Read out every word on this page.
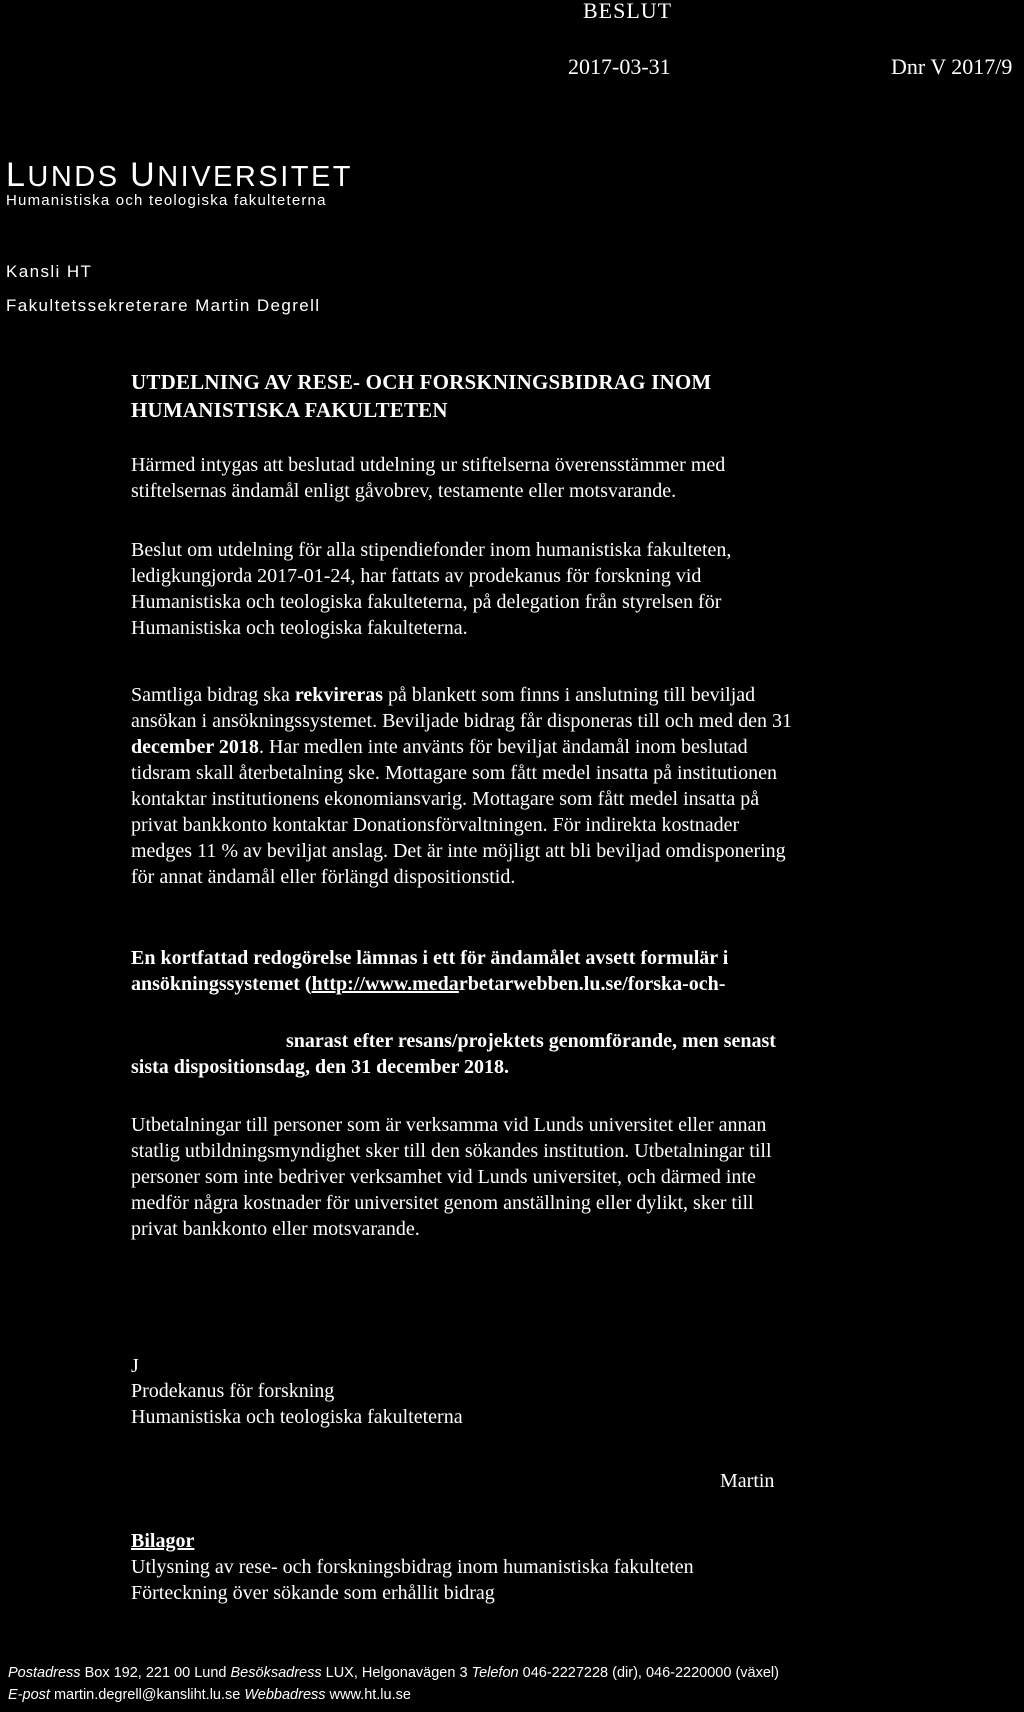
BESLUT
2017-03-31	Dnr V 2017/9
LUNDS UNIVERSITET
Humanistiska och teologiska fakulteterna
Kansli HT
Fakultetssekreterare Martin Degrell
UTDELNING AV RESE- OCH FORSKNINGSBIDRAG INOM
HUMANISTISKA FAKULTETEN
Härmed intygas att beslutad utdelning ur stiftelserna överensstämmer med
stiftelsernas ändamål enligt gåvobrev, testamente eller motsvarande.
Beslut om utdelning för alla stipendiefonder inom humanistiska fakulteten,
ledigkungjorda 2017-01-24, har fattats av prodekanus för forskning vid
Humanistiska och teologiska fakulteterna, på delegation från styrelsen för
Humanistiska och teologiska fakulteterna.
Samtliga bidrag ska rekvireras på blankett som finns i anslutning till beviljad
ansökan i ansökningssystemet. Beviljade bidrag får disponeras till och med den 31
december 2018. Har medlen inte använts för beviljat ändamål inom beslutad
tidsram skall återbetalning ske. Mottagare som fått medel insatta på institutionen
kontaktar institutionens ekonomiansvarig. Mottagare som fått medel insatta på
privat bankkonto kontaktar Donationsförvaltningen. För indirekta kostnader
medges 11 % av beviljat anslag. Det är inte möjligt att bli beviljad omdisponering
för annat ändamål eller förlängd dispositionstid.
En kortfattad redogörelse lämnas i ett för ändamålet avsett formulär i
ansökningssystemet (http://www.medarbetarwebben.lu.se/forska-och-
snarast efter resans/projektets genomförande, men senast
sista dispositionsdag, den 31 december 2018.
Utbetalningar till personer som är verksamma vid Lunds universitet eller annan
statlig utbildningsmyndighet sker till den sökandes institution. Utbetalningar till
personer som inte bedriver verksamhet vid Lunds universitet, och därmed inte
medför några kostnader för universitet genom anställning eller dylikt, sker till
privat bankkonto eller motsvarande.
J
Prodekanus för forskning
Humanistiska och teologiska fakulteterna
Martin
Bilagor
Utlysning av rese- och forskningsbidrag inom humanistiska fakulteten
Förteckning över sökande som erhållit bidrag
Postadress Box 192, 221 00 Lund Besöksadress LUX, Helgonavägen 3 Telefon 046-2227228 (dir), 046-2220000 (växel)
E-post martin.degrell@kansliht.lu.se Webbadress www.ht.lu.se
